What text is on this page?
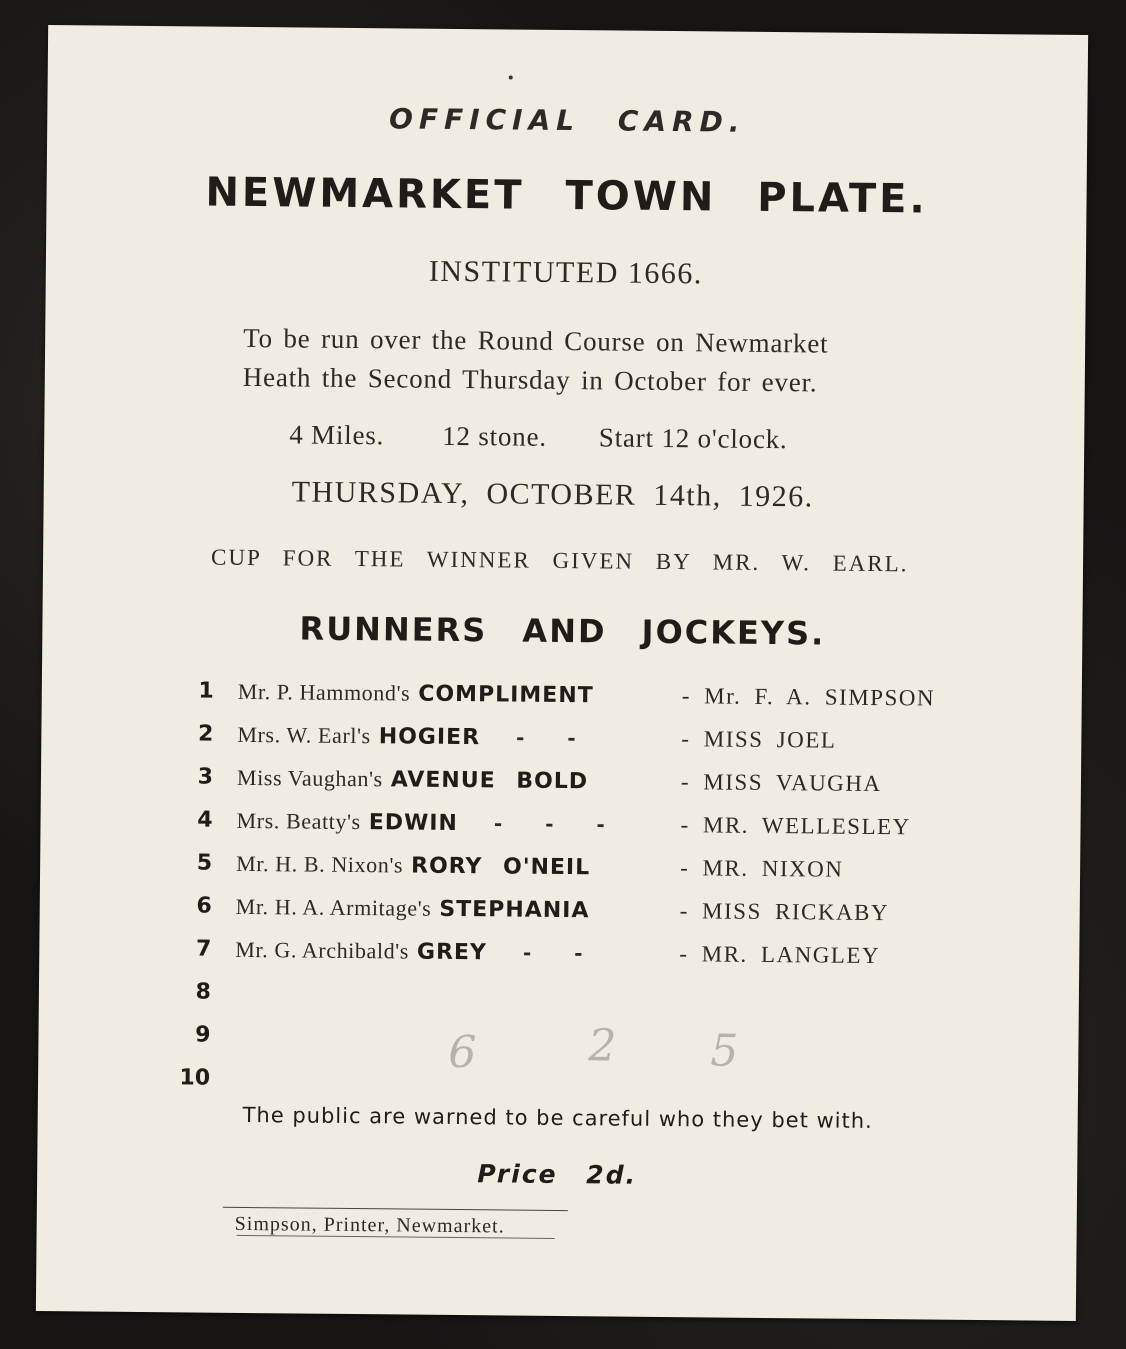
OFFICIAL CARD.

NEWMARKET TOWN PLATE.

INSTITUTED 1666.

To be run over the Round Course on Newmarket
Heath the Second Thursday in October for ever.
4 Miles. 12 stone. Start 12 o'clock.

THURSDAY, OCTOBER 14th, 1926.

CUP FOR THE WINNER GIVEN BY MR. W. EARL.

RUNNERS AND JOCKEYS.

1 Mr. P. Hammond's COMPLIMENT	- Mr. F. A. SIMPSON
2 Mrs. W. Earl's HOGIER - -	- MISS JOEL
3 Miss Vaughan's AVENUE BOLD	- MISS VAUGHA
4 Mrs. Beatty's EDWIN - - -	- MR. WELLESLEY
5 Mr. H. B. Nixon's RORY O'NEIL	- MR. NIXON
6 Mr. H. A. Armitage's STEPHANIA	- MISS RICKABY
7 Mr. G. Archibald's GREY - -	- MR. LANGLEY
8
9
10	6	2 5

The public are warned to be careful who they bet with.

Price 2d.

Simpson, Printer, Newmarket.
